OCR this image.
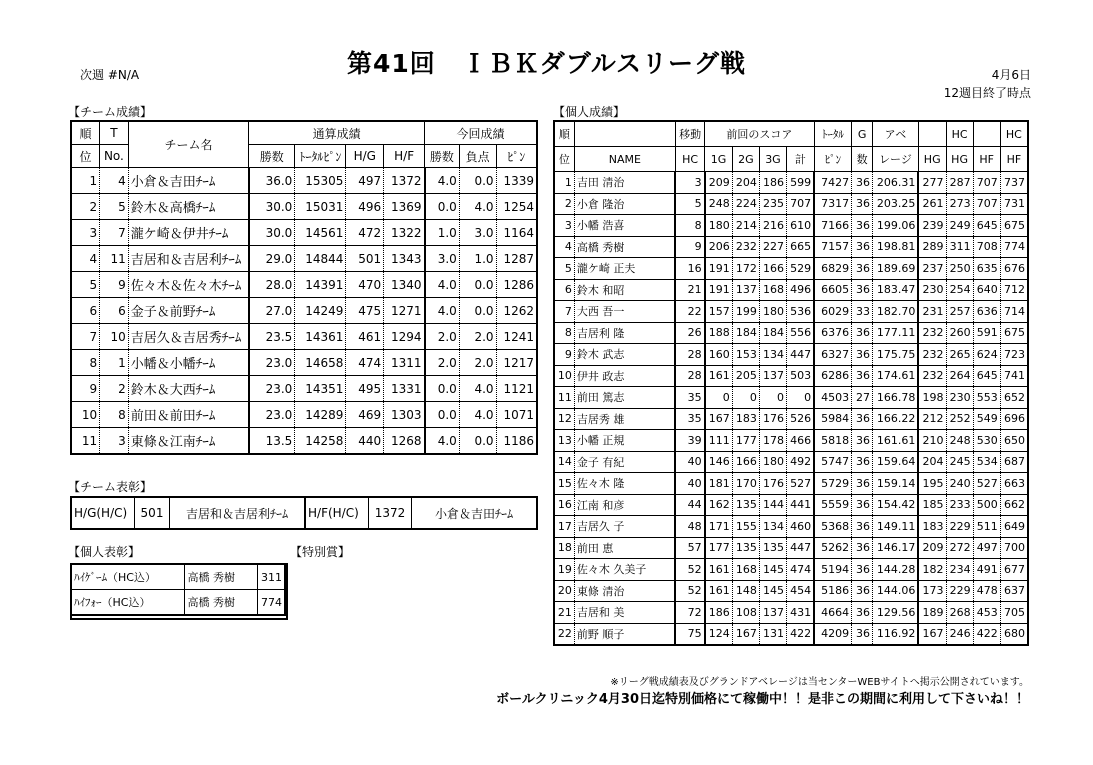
次週 #N/A	第41回　ＩＢＫダブルスリーグ戦	4月6日
12週目終了時点
【チーム成績】	【個人成績】
順	T	チーム名	通算成績				今回成績		
位	No.		勝数	ﾄｰﾀﾙﾋﾟﾝ	H/G	H/F	勝数	負点	ﾋﾟﾝ
1	4	小倉＆吉田ﾁｰﾑ	36.0	15305	497	1372	4.0	0.0	1339
2	5	鈴木＆高橋ﾁｰﾑ	30.0	15031	496	1369	0.0	4.0	1254
3	7	瀧ケ崎＆伊井ﾁｰﾑ	30.0	14561	472	1322	1.0	3.0	1164
4	11	吉居和＆吉居利ﾁｰﾑ	29.0	14844	501	1343	3.0	1.0	1287
5	9	佐々木＆佐々木ﾁｰﾑ	28.0	14391	470	1340	4.0	0.0	1286
6	6	金子＆前野ﾁｰﾑ	27.0	14249	475	1271	4.0	0.0	1262
7	10	吉居久＆吉居秀ﾁｰﾑ	23.5	14361	461	1294	2.0	2.0	1241
8	1	小幡＆小幡ﾁｰﾑ	23.0	14658	474	1311	2.0	2.0	1217
9	2	鈴木＆大西ﾁｰﾑ	23.0	14351	495	1331	0.0	4.0	1121
10	8	前田＆前田ﾁｰﾑ	23.0	14289	469	1303	0.0	4.0	1071
11	3	東條＆江南ﾁｰﾑ	13.5	14258	440	1268	4.0	0.0	1186
順		移動	前回のスコア				ﾄｰﾀﾙ	G	アベ		HC		HC
位	NAME	HC	1G	2G	3G	計	ﾋﾟﾝ	数	レージ	HG	HG	HF	HF
1	吉田 清治	3	209	204	186	599	7427	36	206.31	277	287	707	737
2	小倉 隆治	5	248	224	235	707	7317	36	203.25	261	273	707	731
3	小幡 浩喜	8	180	214	216	610	7166	36	199.06	239	249	645	675
4	高橋 秀樹	9	206	232	227	665	7157	36	198.81	289	311	708	774
5	瀧ケ崎 正夫	16	191	172	166	529	6829	36	189.69	237	250	635	676
6	鈴木 和昭	21	191	137	168	496	6605	36	183.47	230	254	640	712
7	大西 吾一	22	157	199	180	536	6029	33	182.70	231	257	636	714
8	吉居利 隆	26	188	184	184	556	6376	36	177.11	232	260	591	675
9	鈴木 武志	28	160	153	134	447	6327	36	175.75	232	265	624	723
10	伊井 政志	28	161	205	137	503	6286	36	174.61	232	264	645	741
11	前田 篤志	35	0	0	0	0	4503	27	166.78	198	230	553	652
12	吉居秀 雄	35	167	183	176	526	5984	36	166.22	212	252	549	696
13	小幡 正規	39	111	177	178	466	5818	36	161.61	210	248	530	650
14	金子 有紀	40	146	166	180	492	5747	36	159.64	204	245	534	687
15	佐々木 隆	40	181	170	176	527	5729	36	159.14	195	240	527	663
16	江南 和彦	44	162	135	144	441	5559	36	154.42	185	233	500	662
17	吉居久 子	48	171	155	134	460	5368	36	149.11	183	229	511	649
18	前田 恵	57	177	135	135	447	5262	36	146.17	209	272	497	700
19	佐々木 久美子	52	161	168	145	474	5194	36	144.28	182	234	491	677
20	東條 清治	52	161	148	145	454	5186	36	144.06	173	229	478	637
21	吉居和 美	72	186	108	137	431	4664	36	129.56	189	268	453	705
22	前野 順子	75	124	167	131	422	4209	36	116.92	167	246	422	680
【チーム表彰】
H/G(H/C)	501	吉居和＆吉居利ﾁｰﾑ	H/F(H/C)	1372	小倉＆吉田ﾁｰﾑ
【個人表彰】	【特別賞】
ﾊｲｹﾞｰﾑ（HC込）	高橋 秀樹	311
ﾊｲﾌｫｰ（HC込）	高橋 秀樹	774
※リーグ戦成績表及びグランドアベレージは当センターWEBサイトへ掲示公開されています。
ボールクリニック4月30日迄特別価格にて稼働中！！是非この期間に利用して下さいね！！
